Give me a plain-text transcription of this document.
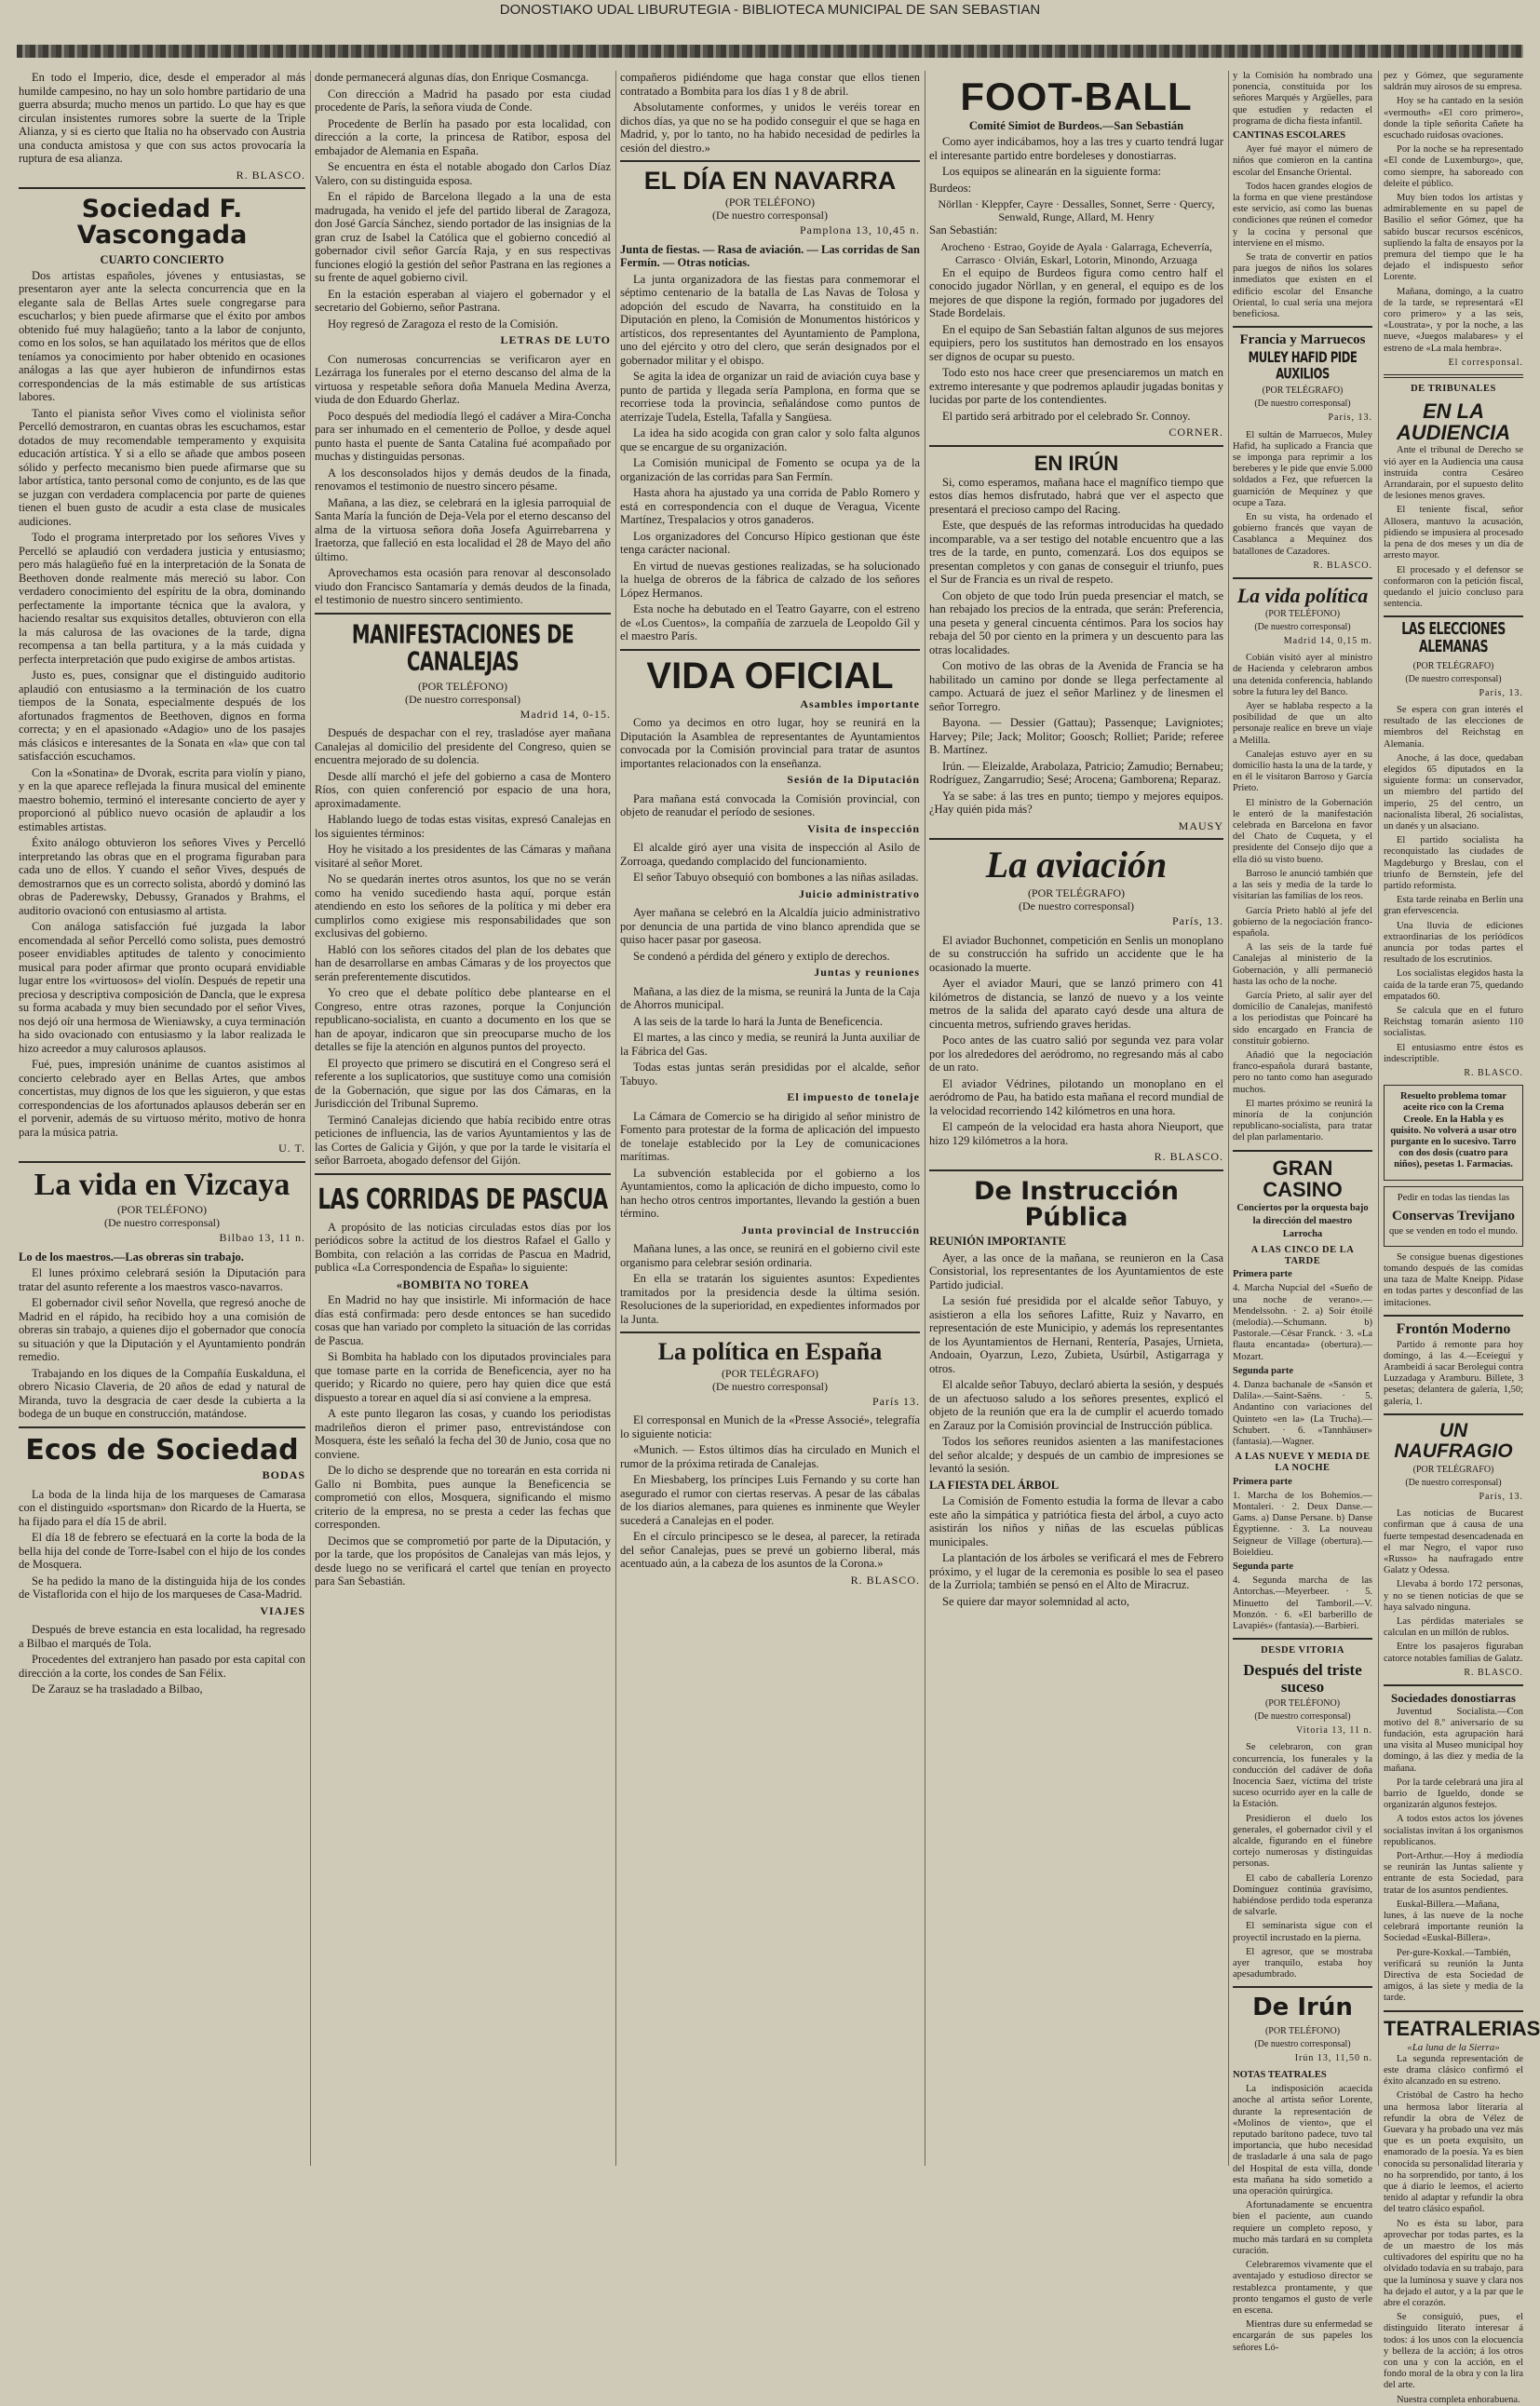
DONOSTIAKO UDAL LIBURUTEGIA - BIBLIOTECA MUNICIPAL DE SAN SEBASTIAN

En todo el Imperio, dice, desde el emperador al más humilde campesino, no hay un solo hombre partidario de una guerra absurda; mucho menos un partido. Lo que hay es que circulan insistentes rumores sobre la suerte de la Triple Alianza, y si es cierto que Italia no ha observado con Austria una conducta amistosa y que con sus actos provocaría la ruptura de esa alianza.

R. BLASCO.
Sociedad F. Vascongada
CUARTO CONCIERTO

Dos artistas españoles, jóvenes y entusiastas, se presentaron ayer ante la selecta concurrencia que en la elegante sala de Bellas Artes suele congregarse para escucharlos; y bien puede afirmarse que el éxito por ambos obtenido fué muy halagüeño; tanto a la labor de conjunto, como en los solos, se han aquilatado los méritos que de ellos teníamos ya conocimiento por haber obtenido en ocasiones análogas a las que ayer hubieron de infundirnos estas correspondencias de la más estimable de sus artísticas labores.

Tanto el pianista señor Vives como el violinista señor Percelló demostraron, en cuantas obras les escuchamos, estar dotados de muy recomendable temperamento y exquisita educación artística. Y si a ello se añade que ambos poseen sólido y perfecto mecanismo bien puede afirmarse que su labor artística, tanto personal como de conjunto, es de las que se juzgan con verdadera complacencia por parte de quienes tienen el buen gusto de acudir a esta clase de musicales audiciones.

Todo el programa interpretado por los señores Vives y Percelló se aplaudió con verdadera justicia y entusiasmo; pero más halagüeño fué en la interpretación de la Sonata de Beethoven donde realmente más mereció su labor. Con verdadero conocimiento del espíritu de la obra, dominando perfectamente la importante técnica que la avalora, y haciendo resaltar sus exquisitos detalles, obtuvieron con ella la más calurosa de las ovaciones de la tarde, digna recompensa a tan bella partitura, y a la más cuidada y perfecta interpretación que pudo exigirse de ambos artistas.

Justo es, pues, consignar que el distinguido auditorio aplaudió con entusiasmo a la terminación de los cuatro tiempos de la Sonata, especialmente después de los afortunados fragmentos de Beethoven, dignos en forma correcta; y en el apasionado «Adagio» uno de los pasajes más clásicos e interesantes de la Sonata en «la» que con tal satisfacción escuchamos.

Con la «Sonatina» de Dvorak, escrita para violín y piano, y en la que aparece reflejada la finura musical del eminente maestro bohemio, terminó el interesante concierto de ayer y proporcionó al público nuevo ocasión de aplaudir a los estimables artistas.

Éxito análogo obtuvieron los señores Vives y Percelló interpretando las obras que en el programa figuraban para cada uno de ellos. Y cuando el señor Vives, después de demostrarnos que es un correcto solista, abordó y dominó las obras de Paderewsky, Debussy, Granados y Brahms, el auditorio ovacionó con entusiasmo al artista.

Con análoga satisfacción fué juzgada la labor encomendada al señor Percelló como solista, pues demostró poseer envidiables aptitudes de talento y conocimiento musical para poder afirmar que pronto ocupará envidiable lugar entre los «virtuosos» del violín. Después de repetir una preciosa y descriptiva composición de Dancla, que le expresa su forma acabada y muy bien secundado por el señor Vives, nos dejó oír una hermosa de Wieniawsky, a cuya terminación ha sido ovacionado con entusiasmo y la labor realizada le hizo acreedor a muy calurosos aplausos.

Fué, pues, impresión unánime de cuantos asistimos al concierto celebrado ayer en Bellas Artes, que ambos concertistas, muy dignos de los que les siguieron, y que estas correspondencias de los afortunados aplausos deberán ser en el porvenir, además de su virtuoso mérito, motivo de honra para la música patria.

U. T.
La vida en Vizcaya
(POR TELÉFONO)
(De nuestro corresponsal)
Bilbao 13, 11 n.

Lo de los maestros.—Las obreras sin trabajo.

El lunes próximo celebrará sesión la Diputación para tratar del asunto referente a los maestros vasco-navarros.

El gobernador civil señor Novella, que regresó anoche de Madrid en el rápido, ha recibido hoy a una comisión de obreras sin trabajo, a quienes dijo el gobernador que conocía su situación y que la Diputación y el Ayuntamiento pondrán remedio.

Trabajando en los diques de la Compañía Euskalduna, el obrero Nicasio Claveria, de 20 años de edad y natural de Miranda, tuvo la desgracia de caer desde la cubierta a la bodega de un buque en construcción, matándose.

Ecos de Sociedad
BODAS

La boda de la linda hija de los marqueses de Camarasa con el distinguido «sportsman» don Ricardo de la Huerta, se ha fijado para el día 15 de abril.

El día 18 de febrero se efectuará en la corte la boda de la bella hija del conde de Torre-Isabel con el hijo de los condes de Mosquera.

Se ha pedido la mano de la distinguida hija de los condes de Vistaflorida con el hijo de los marqueses de Casa-Madrid.

VIAJES

Después de breve estancia en esta localidad, ha regresado a Bilbao el marqués de Tola.

Procedentes del extranjero han pasado por esta capital con dirección a la corte, los condes de San Félix.

De Zarauz se ha trasladado a Bilbao,

donde permanecerá algunas días, don Enrique Cosmancga.

Con dirección a Madrid ha pasado por esta ciudad procedente de París, la señora viuda de Conde.

Procedente de Berlín ha pasado por esta localidad, con dirección a la corte, la princesa de Ratibor, esposa del embajador de Alemania en España.

Se encuentra en ésta el notable abogado don Carlos Díaz Valero, con su distinguida esposa.

En el rápido de Barcelona llegado a la una de esta madrugada, ha venido el jefe del partido liberal de Zaragoza, don José García Sánchez, siendo portador de las insignias de la gran cruz de Isabel la Católica que el gobierno concedió al gobernador civil señor García Raja, y en sus respectivas funciones elogió la gestión del señor Pastrana en las regiones a su frente de aquel gobierno civil.

En la estación esperaban al viajero el gobernador y el secretario del Gobierno, señor Pastrana.

Hoy regresó de Zaragoza el resto de la Comisión.

LETRAS DE LUTO

Con numerosas concurrencias se verificaron ayer en Lezárraga los funerales por el eterno descanso del alma de la virtuosa y respetable señora doña Manuela Medina Averza, viuda de don Eduardo Gherlaz.

Poco después del mediodía llegó el cadáver a Mira-Concha para ser inhumado en el cementerio de Polloe, y desde aquel punto hasta el puente de Santa Catalina fué acompañado por muchas y distinguidas personas.

A los desconsolados hijos y demás deudos de la finada, renovamos el testimonio de nuestro sincero pésame.

Mañana, a las diez, se celebrará en la iglesia parroquial de Santa María la función de Deja-Vela por el eterno descanso del alma de la virtuosa señora doña Josefa Aguirrebarrena y Iraetorza, que falleció en esta localidad el 28 de Mayo del año último.

Aprovechamos esta ocasión para renovar al desconsolado viudo don Francisco Santamaría y demás deudos de la finada, el testimonio de nuestro sincero sentimiento.

MANIFESTACIONES DE CANALEJAS
(POR TELÉFONO)
(De nuestro corresponsal)
Madrid 14, 0-15.

Después de despachar con el rey, trasladóse ayer mañana Canalejas al domicilio del presidente del Congreso, quien se encuentra mejorado de su dolencia.

Desde allí marchó el jefe del gobierno a casa de Montero Ríos, con quien conferenció por espacio de una hora, aproximadamente.

Hablando luego de todas estas visitas, expresó Canalejas en los siguientes términos:

Hoy he visitado a los presidentes de las Cámaras y mañana visitaré al señor Moret.

No se quedarán inertes otros asuntos, los que no se verán como ha venido sucediendo hasta aquí, porque están atendiendo en esto los señores de la política y mi deber era cumplirlos como exigiese mis responsabilidades que son exclusivas del gobierno.

Habló con los señores citados del plan de los debates que han de desarrollarse en ambas Cámaras y de los proyectos que serán preferentemente discutidos.

Yo creo que el debate político debe plantearse en el Congreso, entre otras razones, porque la Conjunción republicano-socialista, en cuanto a documento en los que se han de apoyar, indicaron que sin preocuparse mucho de los detalles se fije la atención en algunos puntos del proyecto.

El proyecto que primero se discutirá en el Congreso será el referente a los suplicatorios, que sustituye como una comisión de la Gobernación, que sigue por las dos Cámaras, en la Jurisdicción del Tribunal Supremo.

Terminó Canalejas diciendo que había recibido entre otras peticiones de influencia, las de varios Ayuntamientos y las de las Cortes de Galicia y Gijón, y que por la tarde le visitaría el señor Barroeta, abogado defensor del Gijón.

LAS CORRIDAS DE PASCUA

A propósito de las noticias circuladas estos días por los periódicos sobre la actitud de los diestros Rafael el Gallo y Bombita, con relación a las corridas de Pascua en Madrid, publica «La Correspondencia de España» lo siguiente:

«BOMBITA NO TOREA

En Madrid no hay que insistirle. Mi información de hace días está confirmada: pero desde entonces se han sucedido cosas que han variado por completo la situación de las corridas de Pascua.

Si Bombita ha hablado con los diputados provinciales para que tomase parte en la corrida de Beneficencia, ayer no ha querido; y Ricardo no quiere, pero hay quien dice que está dispuesto a torear en aquel día si así conviene a la empresa.

A este punto llegaron las cosas, y cuando los periodistas madrileños dieron el primer paso, entrevistándose con Mosquera, éste les señaló la fecha del 30 de Junio, cosa que no conviene.

De lo dicho se desprende que no torearán en esta corrida ni Gallo ni Bombita, pues aunque la Beneficencia se comprometió con ellos, Mosquera, significando el mismo criterio de la empresa, no se presta a ceder las fechas que corresponden.

Decimos que se comprometió por parte de la Diputación, y por la tarde, que los propósitos de Canalejas van más lejos, y desde luego no se verificará el cartel que tenían en proyecto para San Sebastián.

compañeros pidiéndome que haga constar que ellos tienen contratado a Bombita para los días 1 y 8 de abril.

Absolutamente conformes, y unidos le veréis torear en dichos días, ya que no se ha podido conseguir el que se haga en Madrid, y, por lo tanto, no ha habido necesidad de pedirles la cesión del diestro.»

EL DÍA EN NAVARRA
(POR TELÉFONO)
(De nuestro corresponsal)
Pamplona 13, 10,45 n.

Junta de fiestas. — Rasa de aviación. — Las corridas de San Fermín. — Otras noticias.

La junta organizadora de las fiestas para conmemorar el séptimo centenario de la batalla de Las Navas de Tolosa y adopción del escudo de Navarra, ha constituido en la Diputación en pleno, la Comisión de Monumentos históricos y artísticos, dos representantes del Ayuntamiento de Pamplona, uno del ejército y otro del clero, que serán designados por el gobernador militar y el obispo.

Se agita la idea de organizar un raid de aviación cuya base y punto de partida y llegada sería Pamplona, en forma que se recorriese toda la provincia, señalándose como puntos de aterrizaje Tudela, Estella, Tafalla y Sangüesa.

La idea ha sido acogida con gran calor y solo falta algunos que se encargue de su organización.

La Comisión municipal de Fomento se ocupa ya de la organización de las corridas para San Fermín.

Hasta ahora ha ajustado ya una corrida de Pablo Romero y está en correspondencia con el duque de Veragua, Vicente Martínez, Trespalacios y otros ganaderos.

Los organizadores del Concurso Hípico gestionan que éste tenga carácter nacional.

En virtud de nuevas gestiones realizadas, se ha solucionado la huelga de obreros de la fábrica de calzado de los señores López Hermanos.

Esta noche ha debutado en el Teatro Gayarre, con el estreno de «Los Cuentos», la compañía de zarzuela de Leopoldo Gil y el maestro París.

VIDA OFICIAL
Asambles importante

Como ya decimos en otro lugar, hoy se reunirá en la Diputación la Asamblea de representantes de Ayuntamientos convocada por la Comisión provincial para tratar de asuntos importantes relacionados con la enseñanza.

Sesión de la Diputación

Para mañana está convocada la Comisión provincial, con objeto de reanudar el período de sesiones.

Visita de inspección

El alcalde giró ayer una visita de inspección al Asilo de Zorroaga, quedando complacido del funcionamiento.

El señor Tabuyo obsequió con bombones a las niñas asiladas.

Juicio administrativo

Ayer mañana se celebró en la Alcaldía juicio administrativo por denuncia de una partida de vino blanco aprendida que se quiso hacer pasar por gaseosa.

Se condenó a pérdida del género y extiplo de derechos.

Juntas y reuniones

Mañana, a las diez de la misma, se reunirá la Junta de la Caja de Ahorros municipal.

A las seis de la tarde lo hará la Junta de Beneficencia.

El martes, a las cinco y media, se reunirá la Junta auxiliar de la Fábrica del Gas.

Todas estas juntas serán presididas por el alcalde, señor Tabuyo.

El impuesto de tonelaje

La Cámara de Comercio se ha dirigido al señor ministro de Fomento para protestar de la forma de aplicación del impuesto de tonelaje establecido por la Ley de comunicaciones marítimas.

La subvención establecida por el gobierno a los Ayuntamientos, como la aplicación de dicho impuesto, como lo han hecho otros centros importantes, llevando la gestión a buen término.

Junta provincial de Instrucción

Mañana lunes, a las once, se reunirá en el gobierno civil este organismo para celebrar sesión ordinaria.

En ella se tratarán los siguientes asuntos: Expedientes tramitados por la presidencia desde la última sesión. Resoluciones de la superioridad, en expedientes informados por la Junta.

La política en España
(POR TELÉGRAFO)
(De nuestro corresponsal)
París 13.

El corresponsal en Munich de la «Presse Associé», telegrafía lo siguiente noticia:

«Munich. — Estos últimos días ha circulado en Munich el rumor de la próxima retirada de Canalejas.

En Miesbaberg, los príncipes Luis Fernando y su corte han asegurado el rumor con ciertas reservas. A pesar de las cábalas de los diarios alemanes, para quienes es inminente que Weyler sucederá a Canalejas en el poder.

En el círculo principesco se le desea, al parecer, la retirada del señor Canalejas, pues se prevé un gobierno liberal, más acentuado aún, a la cabeza de los asuntos de la Corona.»

R. BLASCO.
FOOT-BALL
Comité Simiot de Burdeos.—San Sebastián

Como ayer indicábamos, hoy a las tres y cuarto tendrá lugar el interesante partido entre bordeleses y donostiarras.

Los equipos se alinearán en la siguiente forma:

Burdeos:

Nörllan · Kleppfer, Cayre · Dessalles, Sonnet, Serre · Quercy, Senwald, Runge, Allard, M. Henry

San Sebastián:

Arocheno · Estrao, Goyide de Ayala · Galarraga, Echeverría, Carrasco · Olvián, Eskarl, Lotorin, Minondo, Arzuaga

En el equipo de Burdeos figura como centro half el conocido jugador Nörllan, y en general, el equipo es de los mejores de que dispone la región, formado por jugadores del Stade Bordelais.

En el equipo de San Sebastián faltan algunos de sus mejores equipiers, pero los sustitutos han demostrado en los ensayos ser dignos de ocupar su puesto.

Todo esto nos hace creer que presenciaremos un match en extremo interesante y que podremos aplaudir jugadas bonitas y lucidas por parte de los contendientes.

El partido será arbitrado por el celebrado Sr. Connoy.

CORNER.
EN IRÚN

Si, como esperamos, mañana hace el magnífico tiempo que estos días hemos disfrutado, habrá que ver el aspecto que presentará el precioso campo del Racing.

Este, que después de las reformas introducidas ha quedado incomparable, va a ser testigo del notable encuentro que a las tres de la tarde, en punto, comenzará. Los dos equipos se presentan completos y con ganas de conseguir el triunfo, pues el Sur de Francia es un rival de respeto.

Con objeto de que todo Irún pueda presenciar el match, se han rebajado los precios de la entrada, que serán: Preferencia, una peseta y general cincuenta céntimos. Para los socios hay rebaja del 50 por ciento en la primera y un descuento para las otras localidades.

Con motivo de las obras de la Avenida de Francia se ha habilitado un camino por donde se llega perfectamente al campo. Actuará de juez el señor Marlinez y de linesmen el señor Torregro.

Bayona. — Dessier (Gattau); Passenque; Lavigniotes; Harvey; Pile; Jack; Molitor; Goosch; Rolliet; Paride; referee B. Martínez.

Irún. — Eleizalde, Arabolaza, Patricio; Zamudio; Bernabeu; Rodríguez, Zangarrudio; Sesé; Arocena; Gamborena; Reparaz.

Ya se sabe: á las tres en punto; tiempo y mejores equipos. ¿Hay quién pida más?

MAUSY
La aviación
(POR TELÉGRAFO)
(De nuestro corresponsal)
París, 13.

El aviador Buchonnet, competición en Senlis un monoplano de su construcción ha sufrido un accidente que le ha ocasionado la muerte.

Ayer el aviador Mauri, que se lanzó primero con 41 kilómetros de distancia, se lanzó de nuevo y a los veinte metros de la salida del aparato cayó desde una altura de cincuenta metros, sufriendo graves heridas.

Poco antes de las cuatro salió por segunda vez para volar por los alrededores del aeródromo, no regresando más al cabo de un rato.

El aviador Védrines, pilotando un monoplano en el aeródromo de Pau, ha batido esta mañana el record mundial de la velocidad recorriendo 142 kilómetros en una hora.

El campeón de la velocidad era hasta ahora Nieuport, que hizo 129 kilómetros a la hora.

R. BLASCO.
De Instrucción Pública

REUNIÓN IMPORTANTE

Ayer, a las once de la mañana, se reunieron en la Casa Consistorial, los representantes de los Ayuntamientos de este Partido judicial.

La sesión fué presidida por el alcalde señor Tabuyo, y asistieron a ella los señores Lafitte, Ruiz y Navarro, en representación de este Municipio, y además los representantes de los Ayuntamientos de Hernani, Rentería, Pasajes, Urnieta, Andoain, Oyarzun, Lezo, Zubieta, Usúrbil, Astigarraga y otros.

El alcalde señor Tabuyo, declaró abierta la sesión, y después de un afectuoso saludo a los señores presentes, explicó el objeto de la reunión que era la de cumplir el acuerdo tomado en Zarauz por la Comisión provincial de Instrucción pública.

Todos los señores reunidos asienten a las manifestaciones del señor alcalde; y después de un cambio de impresiones se levantó la sesión.

LA FIESTA DEL ÁRBOL

La Comisión de Fomento estudia la forma de llevar a cabo este año la simpática y patriótica fiesta del árbol, a cuyo acto asistirán los niños y niñas de las escuelas públicas municipales.

La plantación de los árboles se verificará el mes de Febrero próximo, y el lugar de la ceremonia es posible lo sea el paseo de la Zurriola; también se pensó en el Alto de Miracruz.

Se quiere dar mayor solemnidad al acto,

y la Comisión ha nombrado una ponencia, constituida por los señores Marqués y Argüelles, para que estudien y redacten el programa de dicha fiesta infantil.

CANTINAS ESCOLARES

Ayer fué mayor el número de niños que comieron en la cantina escolar del Ensanche Oriental.

Todos hacen grandes elogios de la forma en que viene prestándose este servicio, así como las buenas condiciones que reúnen el comedor y la cocina y personal que interviene en el mismo.

Se trata de convertir en patios para juegos de niños los solares inmediatos que existen en el edificio escolar del Ensanche Oriental, lo cual sería una mejora beneficiosa.

Francia y Marruecos
MULEY HAFID PIDE AUXILIOS
(POR TELÉGRAFO)
(De nuestro corresponsal)
París, 13.

El sultán de Marruecos, Muley Hafid, ha suplicado a Francia que se imponga para reprimir a los bereberes y le pide que envíe 5.000 soldados a Fez, que refuercen la guarnición de Mequínez y que ocupe a Taza.

En su vista, ha ordenado el gobierno francés que vayan de Casablanca a Mequínez dos batallones de Cazadores.

R. BLASCO.
La vida política
(POR TELÉFONO)
(De nuestro corresponsal)
Madrid 14, 0,15 m.

Cobián visitó ayer al ministro de Hacienda y celebraron ambos una detenida conferencia, hablando sobre la futura ley del Banco.

Ayer se hablaba respecto a la posibilidad de que un alto personaje realice en breve un viaje a Melilla.

Canalejas estuvo ayer en su domicilio hasta la una de la tarde, y en él le visitaron Barroso y García Prieto.

El ministro de la Gobernación le enteró de la manifestación celebrada en Barcelona en favor del Chato de Cuqueta, y el presidente del Consejo dijo que a ella dió su visto bueno.

Barroso le anunció también que a las seis y media de la tarde lo visitarían las familias de los reos.

García Prieto habló al jefe del gobierno de la negociación franco-española.

A las seis de la tarde fué Canalejas al ministerio de la Gobernación, y allí permaneció hasta las ocho de la noche.

García Prieto, al salir ayer del domicilio de Canalejas, manifestó a los periodistas que Poincaré ha sido encargado en Francia de constituir gobierno.

Añadió que la negociación franco-española durará bastante, pero no tanto como han asegurado muchos.

El martes próximo se reunirá la minoría de la conjunción republicano-socialista, para tratar del plan parlamentario.

GRAN CASINO
Conciertos por la orquesta bajo la dirección del maestro Larrocha
A LAS CINCO DE LA TARDE

Primera parte

4. Marcha Nupcial del «Sueño de una noche de verano».—Mendelssohn. · 2. a) Soir étoilé (melodía).—Schumann. b) Pastorale.—César Franck. · 3. «La flauta encantada» (obertura).—Mozart.

Segunda parte

4. Danza bachanale de «Sansón et Dalila».—Saint-Saëns. · 5. Andantino con variaciones del Quinteto «en la» (La Trucha).—Schubert. · 6. «Tannhäuser» (fantasía).—Wagner.

A LAS NUEVE Y MEDIA DE LA NOCHE

Primera parte

1. Marcha de los Bohemios.—Montaleri. · 2. Deux Danse.—Gams. a) Danse Persane. b) Danse Égyptienne. · 3. La nouveau Seigneur de Village (obertura).—Boieldieu.

Segunda parte

4. Segunda marcha de las Antorchas.—Meyerbeer. · 5. Minuetto del Tamboril.—V. Monzón. · 6. «El barberillo de Lavapiés» (fantasía).—Barbieri.

DESDE VITORIA
Después del triste suceso
(POR TELÉFONO)
(De nuestro corresponsal)
Vitoria 13, 11 n.

Se celebraron, con gran concurrencia, los funerales y la conducción del cadáver de doña Inocencia Saez, víctima del triste suceso ocurrido ayer en la calle de la Estación.

Presidieron el duelo los generales, el gobernador civil y el alcalde, figurando en el fúnebre cortejo numerosas y distinguidas personas.

El cabo de caballería Lorenzo Domínguez continúa gravísimo, habiéndose perdido toda esperanza de salvarle.

El seminarista sigue con el proyectil incrustado en la pierna.

El agresor, que se mostraba ayer tranquilo, estaba hoy apesadumbrado.

De Irún
(POR TELÉFONO)
(De nuestro corresponsal)
Irún 13, 11,50 n.

NOTAS TEATRALES

La indisposición acaecida anoche al artista señor Lorente, durante la representación de «Molinos de viento», que el reputado barítono padece, tuvo tal importancia, que hubo necesidad de trasladarle á una sala de pago del Hospital de esta villa, donde esta mañana ha sido sometido a una operación quirúrgica.

Afortunadamente se encuentra bien el paciente, aun cuando requiere un completo reposo, y mucho más tardará en su completa curación.

Celebraremos vivamente que el aventajado y estudioso director se restablezca prontamente, y que pronto tengamos el gusto de verle en escena.

Mientras dure su enfermedad se encargarán de sus papeles los señores Ló-

pez y Gómez, que seguramente saldrán muy airosos de su empresa.

Hoy se ha cantado en la sesión «vermouth» «El coro primero», donde la tiple señorita Cañete ha escuchado ruidosas ovaciones.

Por la noche se ha representado «El conde de Luxemburgo», que, como siempre, ha saboreado con deleite el público.

Muy bien todos los artistas y admirablemente en su papel de Basilio el señor Gómez, que ha sabido buscar recursos escénicos, supliendo la falta de ensayos por la premura del tiempo que le ha dejado el indispuesto señor Lorente.

Mañana, domingo, a la cuatro de la tarde, se representará «El coro primero» y a las seis, «Loustrata», y por la noche, a las nueve, «Juegos malabares» y el estreno de «La mala hembra».

El corresponsal.
DE TRIBUNALES
EN LA AUDIENCIA

Ante el tribunal de Derecho se vió ayer en la Audiencia una causa instruída contra Cesáreo Arrandarain, por el supuesto delito de lesiones menos graves.

El teniente fiscal, señor Allosera, mantuvo la acusación, pidiendo se impusiera al procesado la pena de dos meses y un día de arresto mayor.

El procesado y el defensor se conformaron con la petición fiscal, quedando el juicio concluso para sentencia.

LAS ELECCIONES ALEMANAS
(POR TELÉGRAFO)
(De nuestro corresponsal)
París, 13.

Se espera con gran interés el resultado de las elecciones de miembros del Reichstag en Alemania.

Anoche, á las doce, quedaban elegidos 65 diputados en la siguiente forma: un conservador, un miembro del partido del imperio, 25 del centro, un nacionalista liberal, 26 socialistas, un danés y un alsaciano.

El partido socialista ha reconquistado las ciudades de Magdeburgo y Breslau, con el triunfo de Bernstein, jefe del partido reformista.

Esta tarde reinaba en Berlín una gran efervescencia.

Una lluvia de ediciones extraordinarias de los periódicos anuncia por todas partes el resultado de los escrutinios.

Los socialistas elegidos hasta la caída de la tarde eran 75, quedando empatados 60.

Se calcula que en el futuro Reichstag tomarán asiento 110 socialistas.

El entusiasmo entre éstos es indescriptible.

R. BLASCO.

Resuelto problema tomar aceite rico con la Crema Creole. En la Habla y es quisito. No volverá a usar otro purgante en lo sucesivo. Tarro con dos dosis (cuatro para niños), pesetas 1. Farmacias.

Pedir en todas las tiendas las

Conservas Trevijano

que se venden en todo el mundo.

Se consigue buenas digestiones tomando después de las comidas una taza de Malte Kneipp. Pídase en todas partes y desconfíad de las imitaciones.

Frontón Moderno

Partido á remonte para hoy domingo, á las 4.—Eceiegui y Arambeidi á sacar Berolegui contra Luzzadaga y Aramburu. Billete, 3 pesetas; delantera de galería, 1,50; galería, 1.

UN NAUFRAGIO
(POR TELÉGRAFO)
(De nuestro corresponsal)
París, 13.

Las noticias de Bucarest confirman que á causa de una fuerte tempestad desencadenada en el mar Negro, el vapor ruso «Russo» ha naufragado entre Galatz y Odessa.

Llevaba á bordo 172 personas, y no se tienen noticias de que se haya salvado ninguna.

Las pérdidas materiales se calculan en un millón de rublos.

Entre los pasajeros figuraban catorce notables familias de Galatz.

R. BLASCO.
Sociedades donostiarras

Juventud Socialista.—Con motivo del 8.º aniversario de su fundación, esta agrupación hará una visita al Museo municipal hoy domingo, á las diez y media de la mañana.

Por la tarde celebrará una jira al barrio de Igueldo, donde se organizarán algunos festejos.

A todos estos actos los jóvenes socialistas invitan á los organismos republicanos.

Port-Arthur.—Hoy á mediodía se reunirán las Juntas saliente y entrante de esta Sociedad, para tratar de los asuntos pendientes.

Euskal-Billera.—Mañana, lunes, á las nueve de la noche celebrará importante reunión la Sociedad «Euskal-Billera».

Per-gure-Koxkal.—También, verificará su reunión la Junta Directiva de esta Sociedad de amigos, á las siete y media de la tarde.

TEATRALERIAS
«La luna de la Sierra»

La segunda representación de este drama clásico confirmó el éxito alcanzado en su estreno.

Cristóbal de Castro ha hecho una hermosa labor literaria al refundir la obra de Vélez de Guevara y ha probado una vez más que es un poeta exquisito, un enamorado de la poesía. Ya es bien conocida su personalidad literaria y no ha sorprendido, por tanto, á los que á diario le leemos, el acierto tenido al adaptar y refundir la obra del teatro clásico español.

No es ésta su labor, para aprovechar por todas partes, es la de un maestro de los más cultivadores del espíritu que no ha olvidado todavía en su trabajo, para que la luminosa y suave y clara nos ha dejado el autor, y a la par que le abre el corazón.

Se consiguió, pues, el distinguido literato interesar á todos: á los unos con la elocuencia y belleza de la acción; á los otros con una y con la acción, en el fondo moral de la obra y con la lira del arte.

Nuestra completa enhorabuena.
